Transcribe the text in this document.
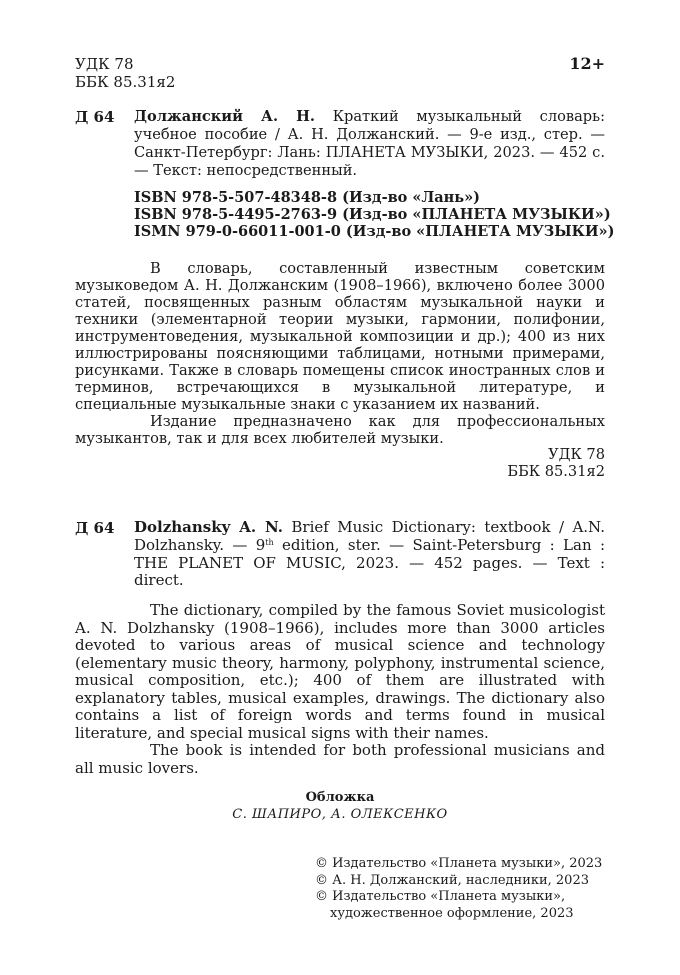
УДК 78
ББК 85.31я2
12+
Д 64 Должанский А. Н. Краткий музыкальный словарь: учебное пособие / А. Н. Должанский. — 9-е изд., стер. — Санкт-Петербург: Лань: ПЛАНЕТА МУЗЫКИ, 2023. — 452 с. — Текст: непосредственный.
ISBN 978-5-507-48348-8 (Изд-во «Лань»)
ISBN 978-5-4495-2763-9 (Изд-во «ПЛАНЕТА МУЗЫКИ»)
ISMN 979-0-66011-001-0 (Изд-во «ПЛАНЕТА МУЗЫКИ»)

В словарь, составленный известным советским музыковедом А. Н. Должанским (1908–1966), включено более 3000 статей, посвященных разным областям музыкальной науки и техники (элементарной теории музыки, гармонии, полифонии, инструментоведения, музыкальной композиции и др.); 400 из них иллюстрированы поясняющими таблицами, нотными примерами, рисунками. Также в словарь помещены список иностранных слов и терминов, встречающихся в музыкальной литературе, и специальные музыкальные знаки с указанием их названий.

Издание предназначено как для профессиональных музыкантов, так и для всех любителей музыки.

УДК 78
ББК 85.31я2
Д 64 Dolzhansky A. N. Brief Music Dictionary: textbook / A.N. Dolzhansky. — 9th edition, ster. — Saint-Petersburg : Lan : THE PLANET OF MUSIC, 2023. — 452 pages. — Text : direct.

The dictionary, compiled by the famous Soviet musicologist A. N. Dolzhansky (1908–1966), includes more than 3000 articles devoted to various areas of musical science and technology (elementary music theory, harmony, polyphony, instrumental science, musical composition, etc.); 400 of them are illustrated with explanatory tables, musical examples, drawings. The dictionary also contains a list of foreign words and terms found in musical literature, and special musical signs with their names.

The book is intended for both professional musicians and all music lovers.

Обложка
С. ШАПИРО, А. ОЛЕКСЕНКО
© Издательство «Планета музыки», 2023
© А. Н. Должанский, наследники, 2023
© Издательство «Планета музыки»,
художественное оформление, 2023
